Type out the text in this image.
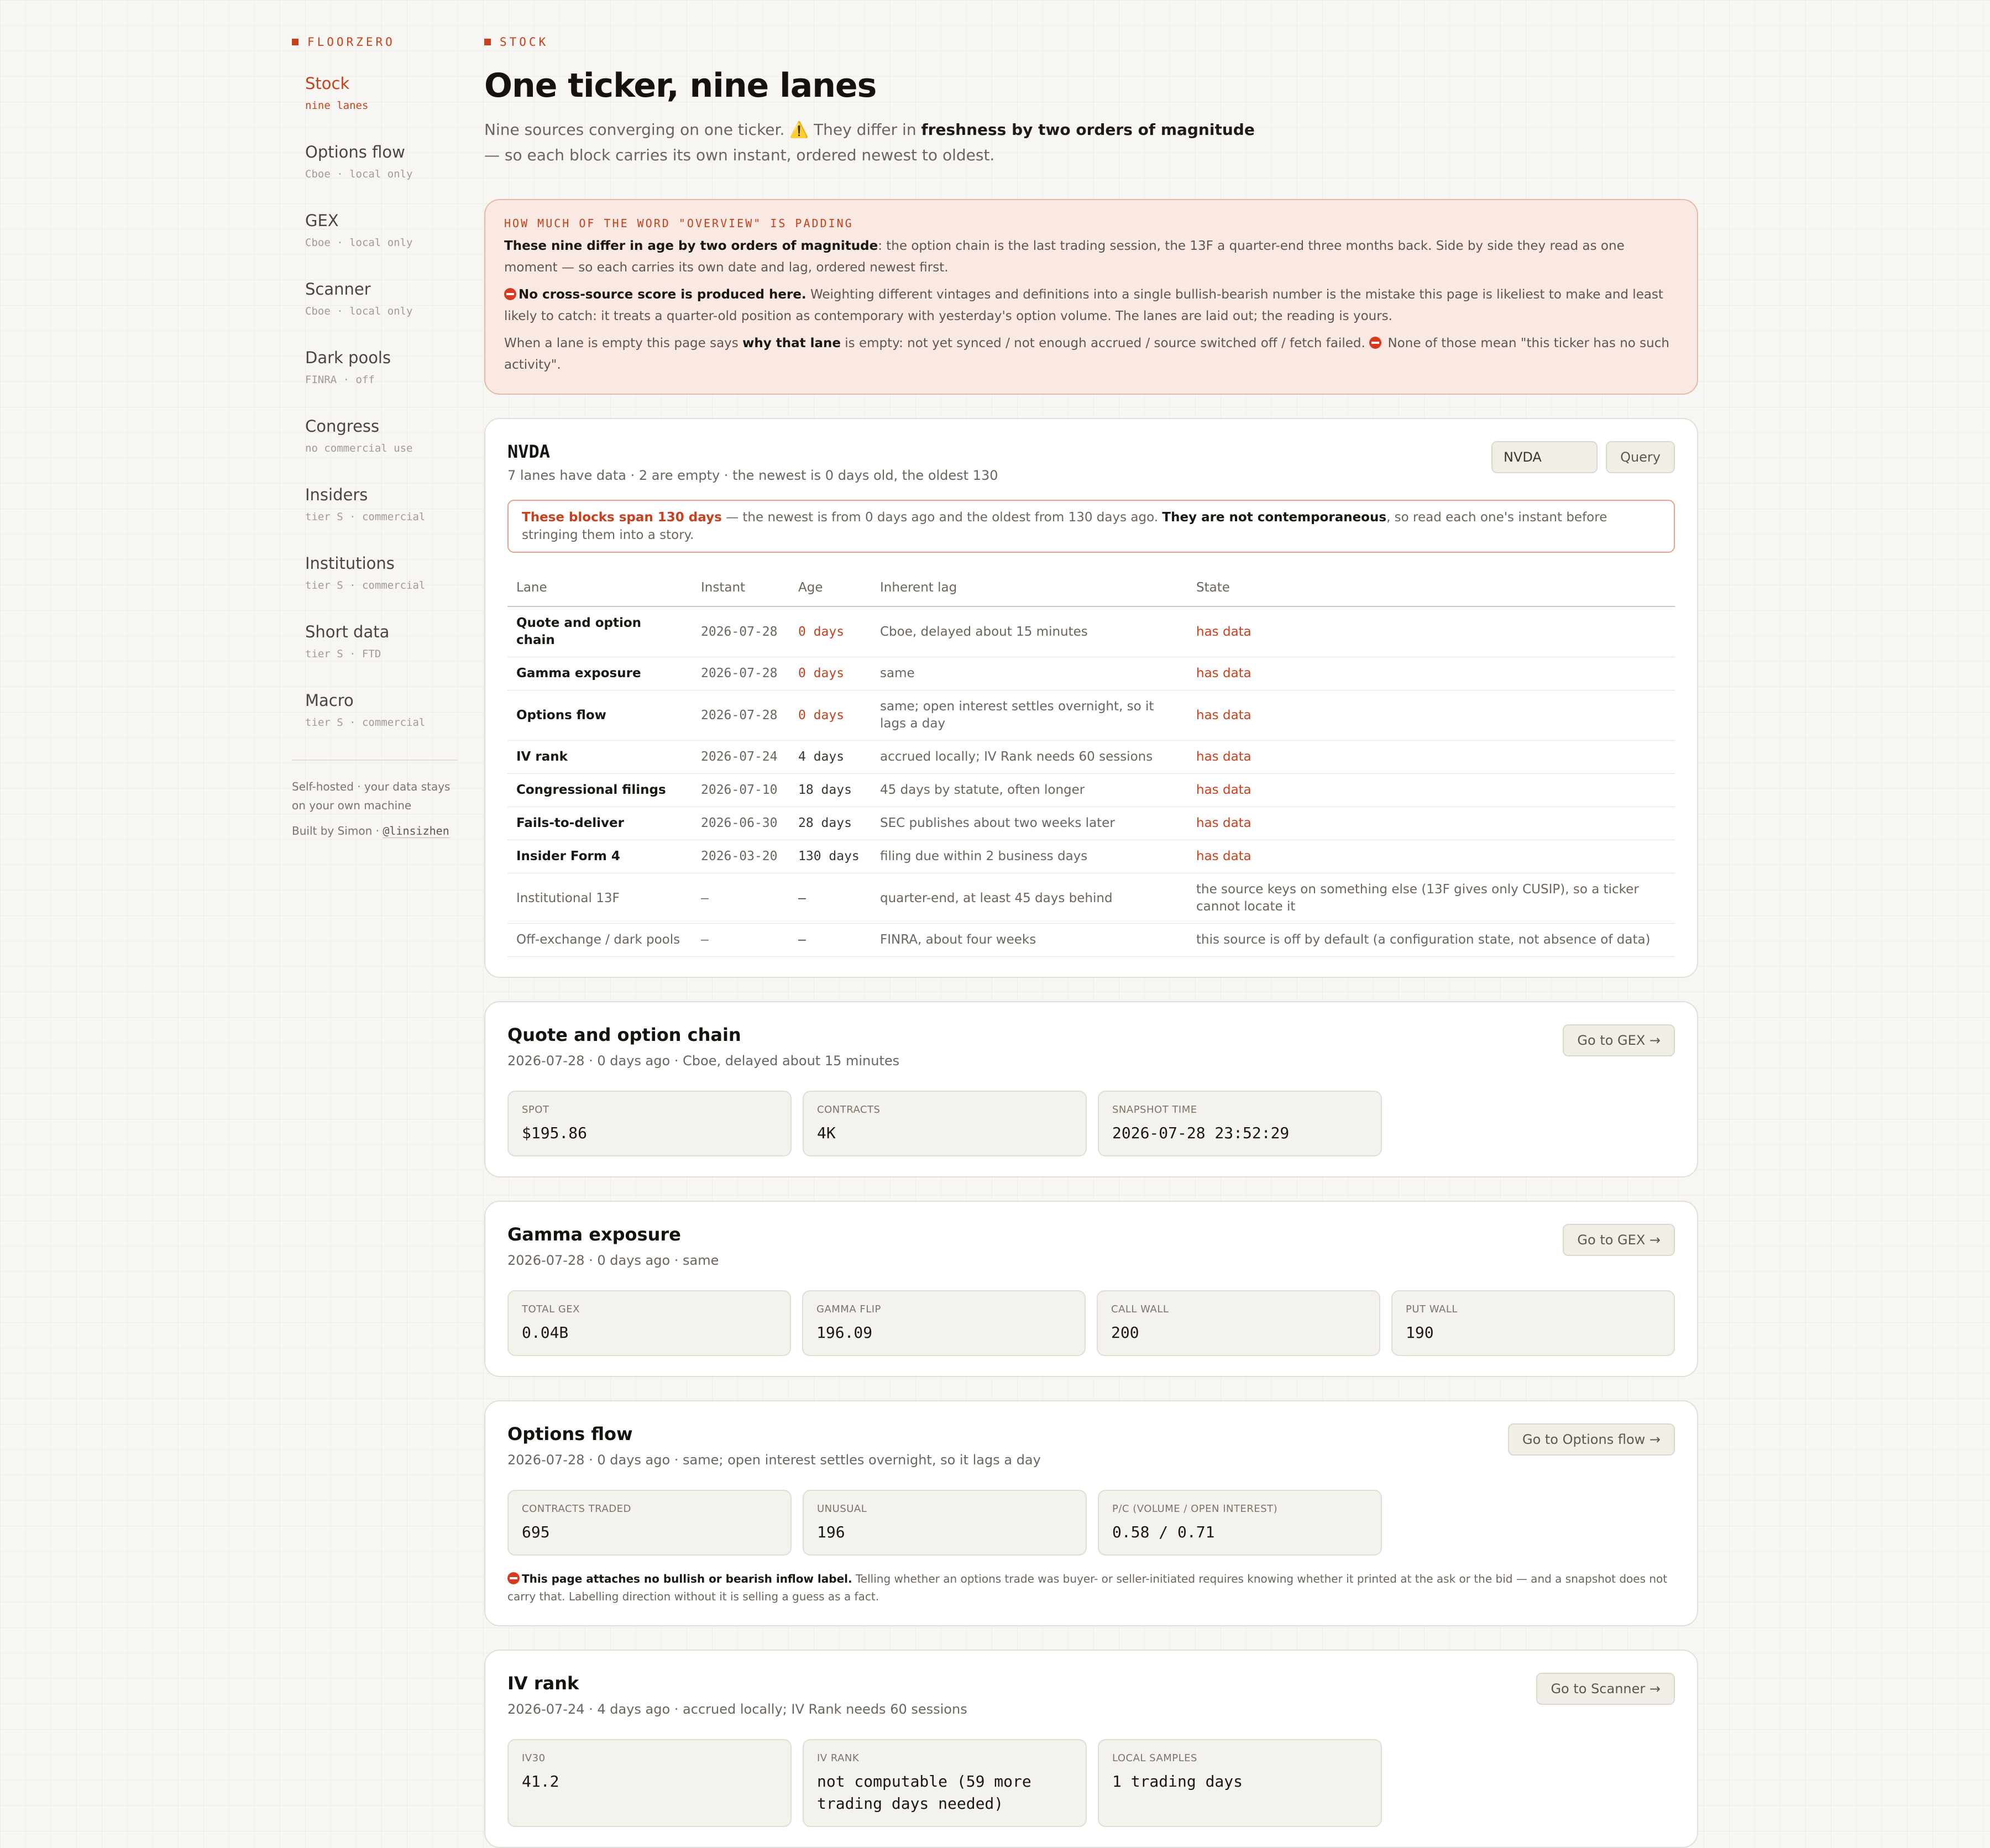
FLOORZERO
Stock
nine lanes
Options flow
Cboe · local only
GEX
Cboe · local only
Scanner
Cboe · local only
Dark pools
FINRA · off
Congress
no commercial use
Insiders
tier S · commercial
Institutions
tier S · commercial
Short data
tier S · FTD
Macro
tier S · commercial
Self-hosted · your data stays on your own machine
Built by Simon · @linsizhen
STOCK
One ticker, nine lanes

Nine sources converging on one ticker. ⚠️ They differ in freshness by two orders of magnitude — so each block carries its own instant, ordered newest to oldest.

HOW MUCH OF THE WORD "OVERVIEW" IS PADDING

These nine differ in age by two orders of magnitude: the option chain is the last trading session, the 13F a quarter-end three months back. Side by side they read as one moment — so each carries its own date and lag, ordered newest first.

No cross-source score is produced here. Weighting different vintages and definitions into a single bullish-bearish number is the mistake this page is likeliest to make and least likely to catch: it treats a quarter-old position as contemporary with yesterday's option volume. The lanes are laid out; the reading is yours.

When a lane is empty this page says why that lane is empty: not yet synced / not enough accrued / source switched off / fetch failed.  None of those mean "this ticker has no such activity".

NVDA
7 lanes have data · 2 are empty · the newest is 0 days old, the oldest 130
NVDA
Query
These blocks span 130 days — the newest is from 0 days ago and the oldest from 130 days ago. They are not contemporaneous, so read each one's instant before stringing them into a story.
Lane	Instant	Age	Inherent lag	State
Quote and option chain	2026-07-28	0 days	Cboe, delayed about 15 minutes	has data
Gamma exposure	2026-07-28	0 days	same	has data
Options flow	2026-07-28	0 days	same; open interest settles overnight, so it lags a day	has data
IV rank	2026-07-24	4 days	accrued locally; IV Rank needs 60 sessions	has data
Congressional filings	2026-07-10	18 days	45 days by statute, often longer	has data
Fails-to-deliver	2026-06-30	28 days	SEC publishes about two weeks later	has data
Insider Form 4	2026-03-20	130 days	filing due within 2 business days	has data
Institutional 13F	—	—	quarter-end, at least 45 days behind	the source keys on something else (13F gives only CUSIP), so a ticker cannot locate it
Off-exchange / dark pools	—	—	FINRA, about four weeks	this source is off by default (a configuration state, not absence of data)
Quote and option chain
2026-07-28 · 0 days ago · Cboe, delayed about 15 minutes
Go to GEX →
SPOT
$195.86
CONTRACTS
4K
SNAPSHOT TIME
2026-07-28 23:52:29
Gamma exposure
2026-07-28 · 0 days ago · same
Go to GEX →
TOTAL GEX
0.04B
GAMMA FLIP
196.09
CALL WALL
200
PUT WALL
190
Options flow
2026-07-28 · 0 days ago · same; open interest settles overnight, so it lags a day
Go to Options flow →
CONTRACTS TRADED
695
UNUSUAL
196
P/C (VOLUME / OPEN INTEREST)
0.58 / 0.71

This page attaches no bullish or bearish inflow label. Telling whether an options trade was buyer- or seller-initiated requires knowing whether it printed at the ask or the bid — and a snapshot does not carry that. Labelling direction without it is selling a guess as a fact.

IV rank
2026-07-24 · 4 days ago · accrued locally; IV Rank needs 60 sessions
Go to Scanner →
IV30
41.2
IV RANK
not computable (59 more trading days needed)
LOCAL SAMPLES
1 trading days
